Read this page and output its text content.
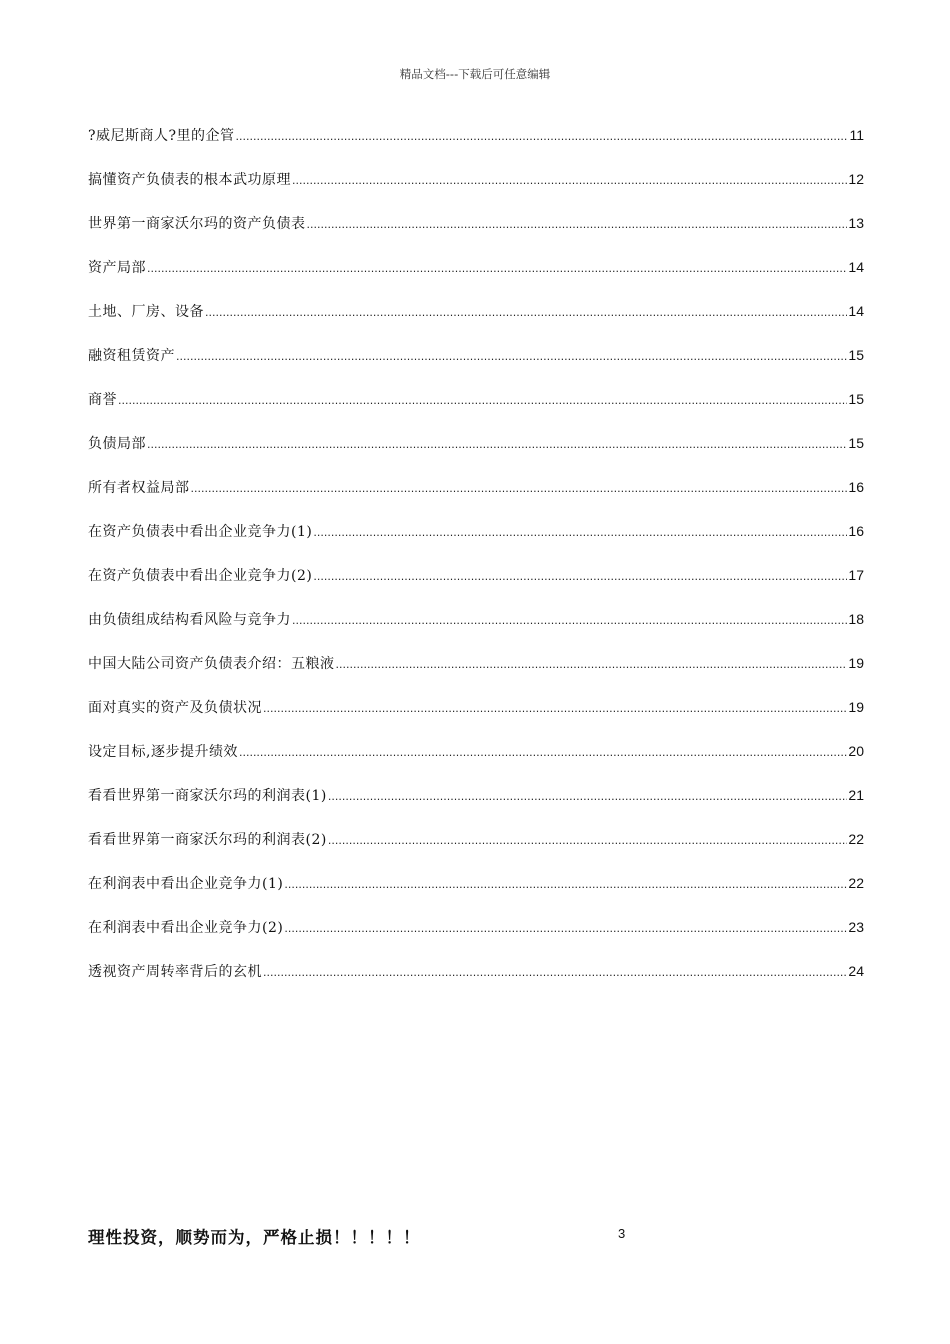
精品文档---下载后可任意编辑
?威尼斯商人?里的企管 .....	11
搞懂资产负债表的根本武功原理 .....	12
世界第一商家沃尔玛的资产负债表 .....	13
资产局部 .....	14
土地、厂房、设备 .....	14
融资租赁资产 .....	15
商誉 .....	15
负债局部 .....	15
所有者权益局部 .....	16
在资产负债表中看出企业竞争力(1) .....	16
在资产负债表中看出企业竞争力(2) .....	17
由负债组成结构看风险与竞争力 .....	18
中国大陆公司资产负债表介绍：五粮液 .....	19
面对真实的资产及负债状况 .....	19
设定目标,逐步提升绩效 .....	20
看看世界第一商家沃尔玛的利润表(1) .....	21
看看世界第一商家沃尔玛的利润表(2) .....	22
在利润表中看出企业竞争力(1) .....	22
在利润表中看出企业竞争力(2) .....	23
透视资产周转率背后的玄机 .....	24
理性投资，顺势而为，严格止损！！！！！	3
